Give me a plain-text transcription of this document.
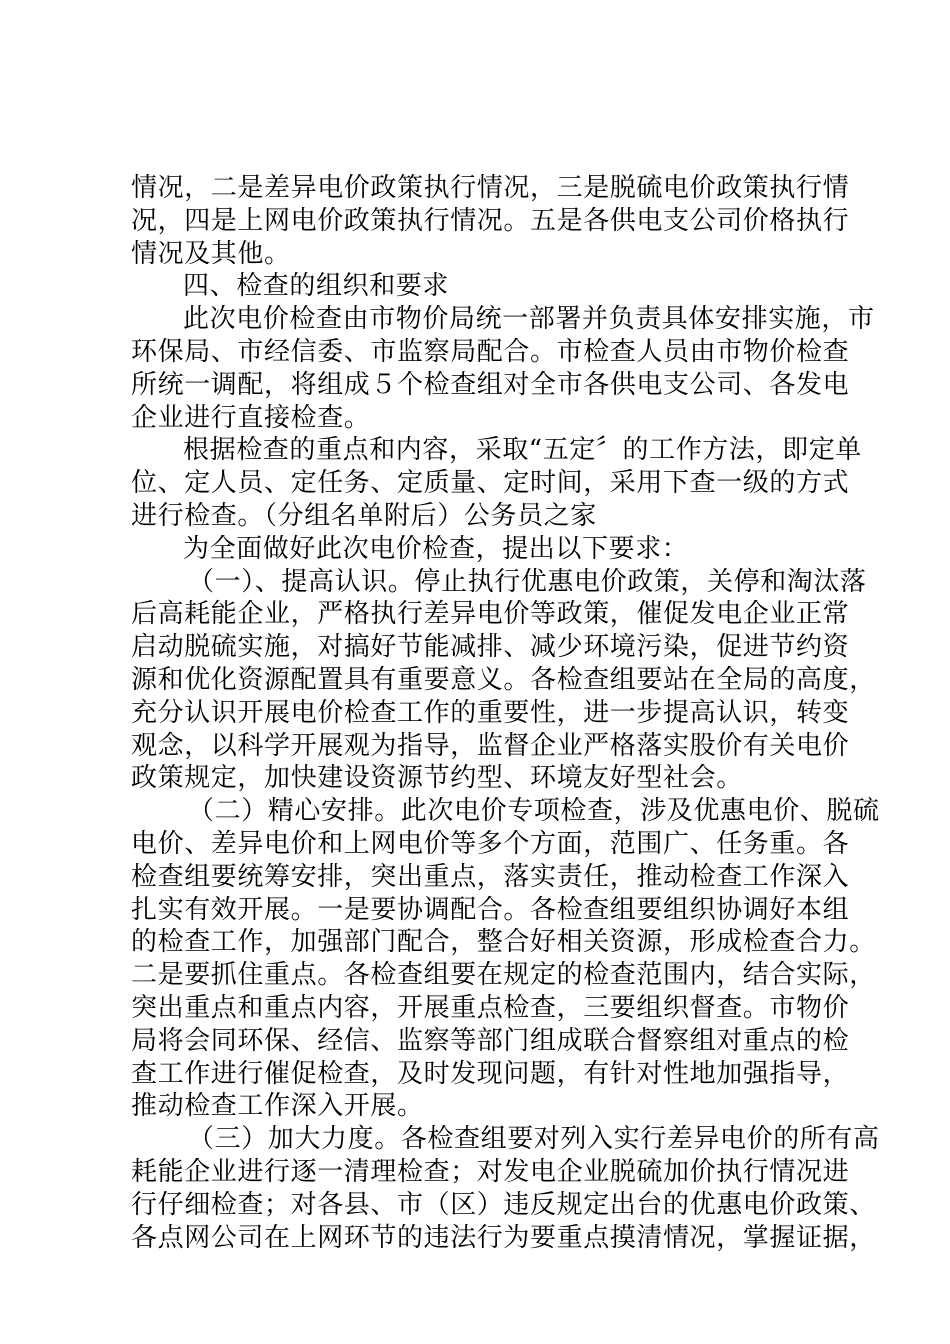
情况，二是差异电价政策执行情况，三是脱硫电价政策执行情
况，四是上网电价政策执行情况。五是各供电支公司价格执行
情况及其他。
四、检查的组织和要求
此次电价检查由市物价局统一部署并负责具体安排实施，市
环保局、市经信委、市监察局配合。市检查人员由市物价检查
所统一调配，将组成５个检查组对全市各供电支公司、各发电
企业进行直接检查。
根据检查的重点和内容，采取“五定〞的工作方法，即定单
位、定人员、定任务、定质量、定时间，采用下查一级的方式
进行检查。（分组名单附后）公务员之家
为全面做好此次电价检查，提出以下要求：
（一）、提高认识。停止执行优惠电价政策，关停和淘汰落
后高耗能企业，严格执行差异电价等政策，催促发电企业正常
启动脱硫实施，对搞好节能减排、减少环境污染，促进节约资
源和优化资源配置具有重要意义。各检查组要站在全局的高度，
充分认识开展电价检查工作的重要性，进一步提高认识，转变
观念，以科学开展观为指导，监督企业严格落实股价有关电价
政策规定，加快建设资源节约型、环境友好型社会。
（二）精心安排。此次电价专项检查，涉及优惠电价、脱硫
电价、差异电价和上网电价等多个方面，范围广、任务重。各
检查组要统筹安排，突出重点，落实责任，推动检查工作深入
扎实有效开展。一是要协调配合。各检查组要组织协调好本组
的检查工作，加强部门配合，整合好相关资源，形成检查合力。
二是要抓住重点。各检查组要在规定的检查范围内，结合实际，
突出重点和重点内容，开展重点检查，三要组织督查。市物价
局将会同环保、经信、监察等部门组成联合督察组对重点的检
查工作进行催促检查，及时发现问题，有针对性地加强指导，
推动检查工作深入开展。
（三）加大力度。各检查组要对列入实行差异电价的所有高
耗能企业进行逐一清理检查；对发电企业脱硫加价执行情况进
行仔细检查；对各县、市（区）违反规定出台的优惠电价政策、
各点网公司在上网环节的违法行为要重点摸清情况，掌握证据，
